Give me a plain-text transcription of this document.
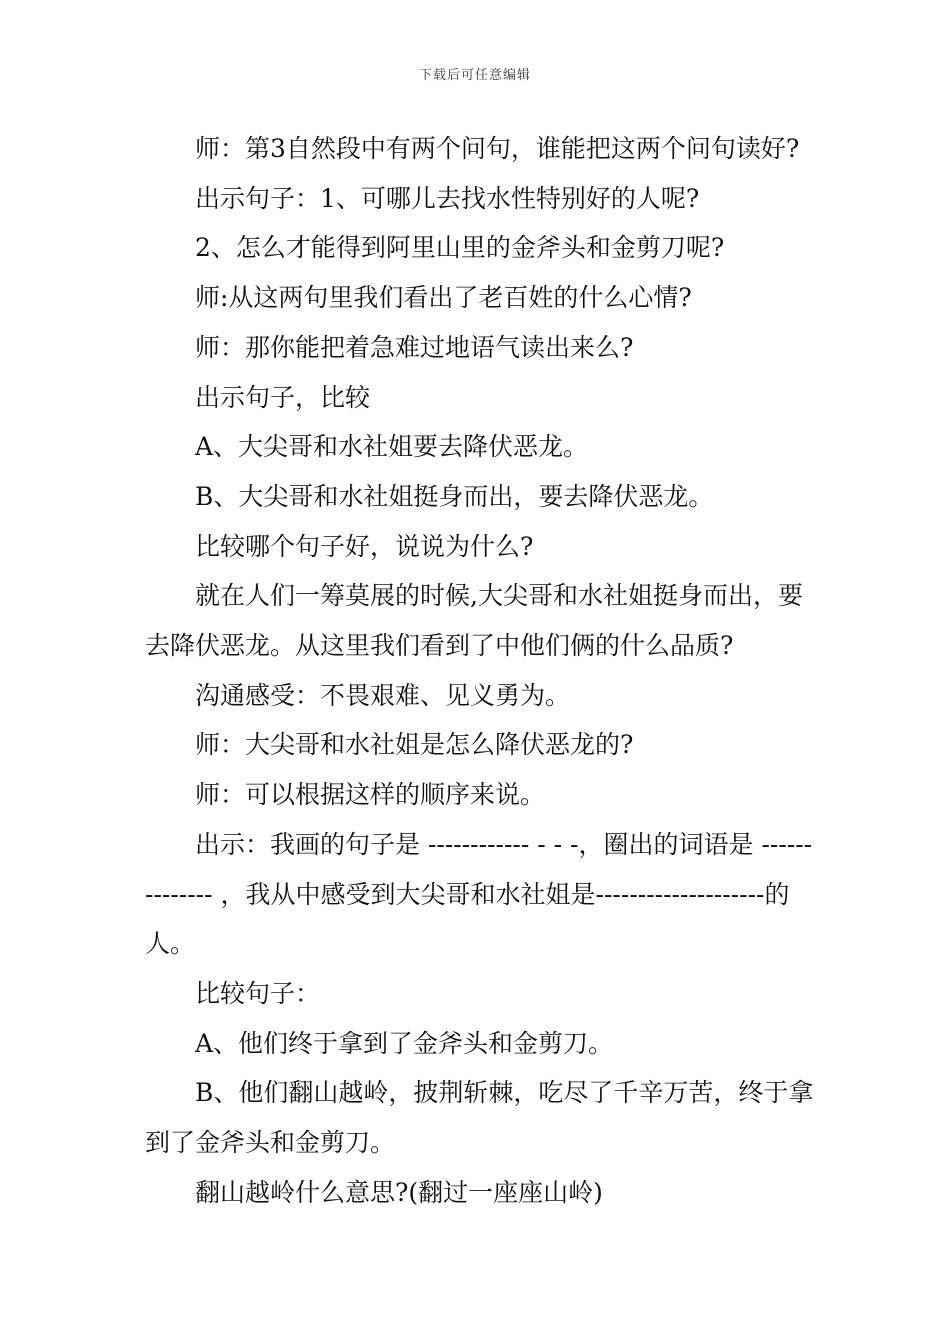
下载后可任意编辑

师：第3自然段中有两个问句，谁能把这两个问句读好?

出示句子：1、可哪儿去找水性特别好的人呢?

2、怎么才能得到阿里山里的金斧头和金剪刀呢?

师:从这两句里我们看出了老百姓的什么心情?

师：那你能把着急难过地语气读出来么?

出示句子，比较

A、大尖哥和水社姐要去降伏恶龙。

B、大尖哥和水社姐挺身而出，要去降伏恶龙。

比较哪个句子好，说说为什么?

就在人们一筹莫展的时候,大尖哥和水社姐挺身而出，要去降伏恶龙。从这里我们看到了中他们俩的什么品质?

沟通感受：不畏艰难、见义勇为。

师：大尖哥和水社姐是怎么降伏恶龙的?

师：可以根据这样的顺序来说。

出示：我画的句子是 ------------ - - -，圈出的词语是 -------------- ，我从中感受到大尖哥和水社姐是--------------------的人。

比较句子：

A、他们终于拿到了金斧头和金剪刀。

B、他们翻山越岭，披荆斩棘，吃尽了千辛万苦，终于拿到了金斧头和金剪刀。

翻山越岭什么意思?(翻过一座座山岭)
